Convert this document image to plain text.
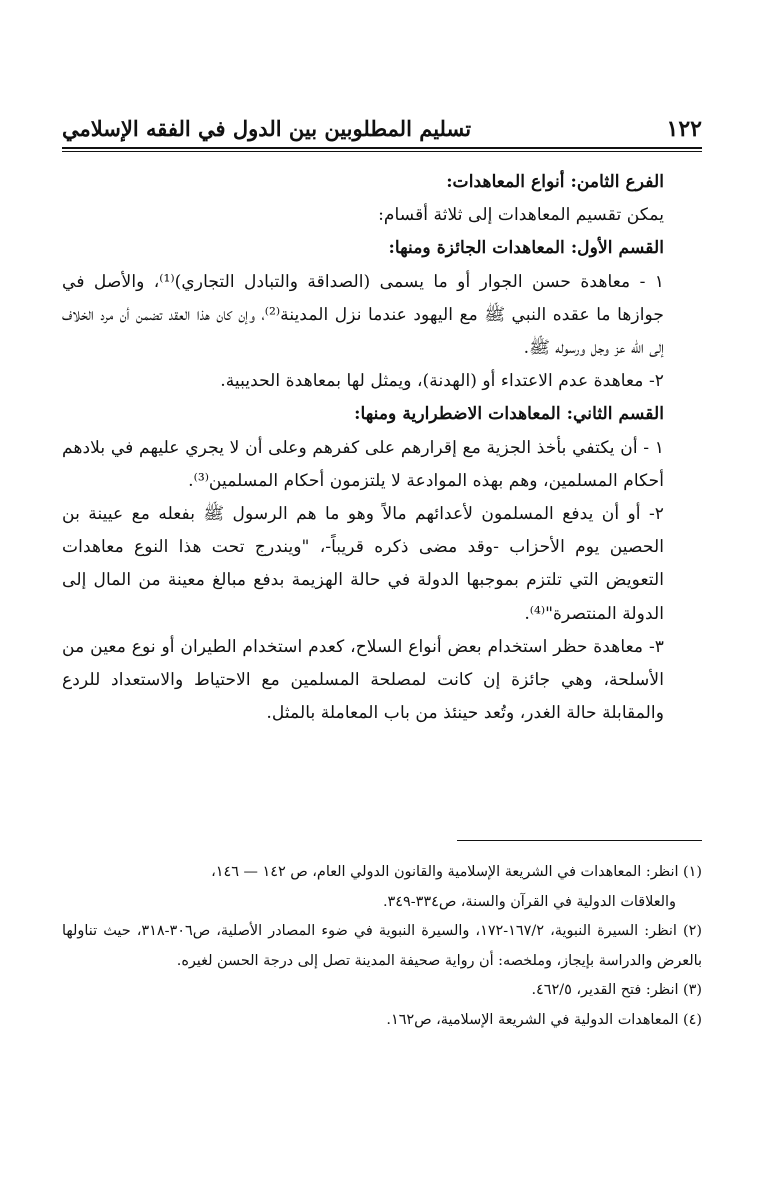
١٢٢
تسليم المطلوبين بين الدول في الفقه الإسلامي

الفرع الثامن: أنواع المعاهدات:

يمكن تقسيم المعاهدات إلى ثلاثة أقسام:

القسم الأول: المعاهدات الجائزة ومنها:

١ - معاهدة حسن الجوار أو ما يسمى (الصداقة والتبادل التجاري)⁽¹⁾، والأصل في جوازها ما عقده النبي ﷺ مع اليهود عندما نزل المدينة⁽²⁾، وإن كان هذا العقد تضمن أن مرد الخلاف إلى الله عز وجل ورسوله ﷺ.

٢- معاهدة عدم الاعتداء أو (الهدنة)، ويمثل لها بمعاهدة الحديبية.

القسم الثاني: المعاهدات الاضطرارية ومنها:

١ - أن يكتفي بأخذ الجزية مع إقرارهم على كفرهم وعلى أن لا يجري عليهم في بلادهم أحكام المسلمين، وهم بهذه الموادعة لا يلتزمون أحكام المسلمين⁽³⁾.

٢- أو أن يدفع المسلمون لأعدائهم مالاً وهو ما هم الرسول ﷺ بفعله مع عيينة بن الحصين يوم الأحزاب -وقد مضى ذكره قريباً-، "ويندرج تحت هذا النوع معاهدات التعويض التي تلتزم بموجبها الدولة في حالة الهزيمة بدفع مبالغ معينة من المال إلى الدولة المنتصرة"⁽⁴⁾.

٣- معاهدة حظر استخدام بعض أنواع السلاح، كعدم استخدام الطيران أو نوع معين من الأسلحة، وهي جائزة إن كانت لمصلحة المسلمين مع الاحتياط والاستعداد للردع والمقابلة حالة الغدر، وتُعد حينئذ من باب المعاملة بالمثل.

(١) انظر: المعاهدات في الشريعة الإسلامية والقانون الدولي العام، ص ١٤٢ — ١٤٦،

والعلاقات الدولية في القرآن والسنة، ص٣٣٤-٣٤٩.

(٢) انظر: السيرة النبوية، ١٦٧/٢-١٧٢، والسيرة النبوية في ضوء المصادر الأصلية، ص٣٠٦-٣١٨، حيث تناولها بالعرض والدراسة بإيجاز، وملخصه: أن رواية صحيفة المدينة تصل إلى درجة الحسن لغيره.

(٣) انظر: فتح القدير، ٤٦٢/٥.

(٤) المعاهدات الدولية في الشريعة الإسلامية، ص١٦٢.
